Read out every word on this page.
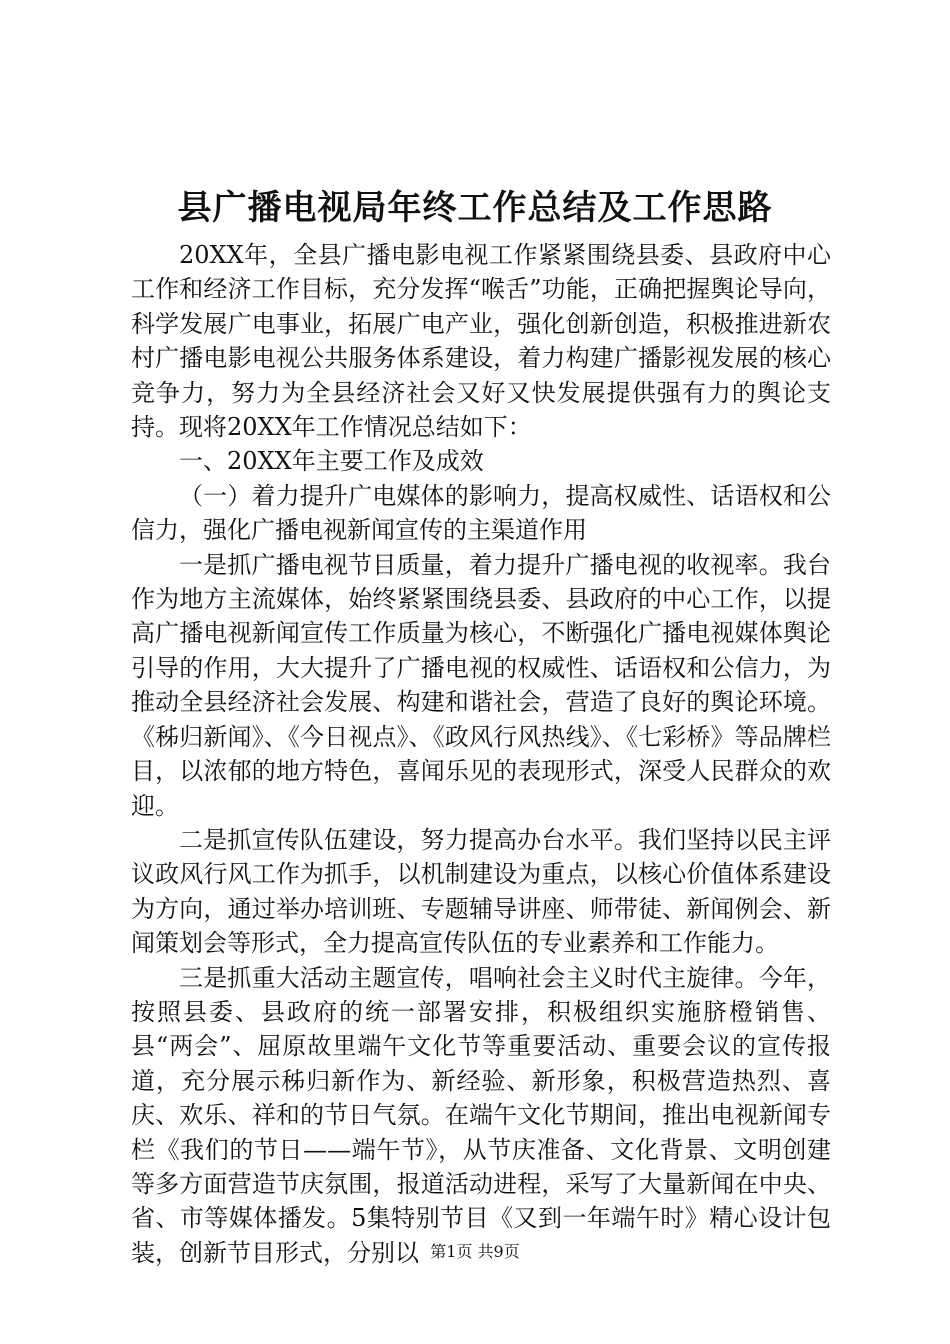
县广播电视局年终工作总结及工作思路

20XX年，全县广播电影电视工作紧紧围绕县委、县政府中心工作和经济工作目标，充分发挥“喉舌”功能，正确把握舆论导向，科学发展广电事业，拓展广电产业，强化创新创造，积极推进新农村广播电影电视公共服务体系建设，着力构建广播影视发展的核心竞争力，努力为全县经济社会又好又快发展提供强有力的舆论支持。现将20XX年工作情况总结如下：

一、20XX年主要工作及成效

（一）着力提升广电媒体的影响力，提高权威性、话语权和公信力，强化广播电视新闻宣传的主渠道作用

一是抓广播电视节目质量，着力提升广播电视的收视率。我台作为地方主流媒体，始终紧紧围绕县委、县政府的中心工作，以提高广播电视新闻宣传工作质量为核心，不断强化广播电视媒体舆论引导的作用，大大提升了广播电视的权威性、话语权和公信力，为推动全县经济社会发展、构建和谐社会，营造了良好的舆论环境。《秭归新闻》、《今日视点》、《政风行风热线》、《七彩桥》等品牌栏目，以浓郁的地方特色，喜闻乐见的表现形式，深受人民群众的欢迎。

二是抓宣传队伍建设，努力提高办台水平。我们坚持以民主评议政风行风工作为抓手，以机制建设为重点，以核心价值体系建设为方向，通过举办培训班、专题辅导讲座、师带徒、新闻例会、新闻策划会等形式，全力提高宣传队伍的专业素养和工作能力。

三是抓重大活动主题宣传，唱响社会主义时代主旋律。今年，按照县委、县政府的统一部署安排，积极组织实施脐橙销售、县“两会”、屈原故里端午文化节等重要活动、重要会议的宣传报道，充分展示秭归新作为、新经验、新形象，积极营造热烈、喜庆、欢乐、祥和的节日气氛。在端午文化节期间，推出电视新闻专栏《我们的节日——端午节》，从节庆准备、文化背景、文明创建等多方面营造节庆氛围，报道活动进程，采写了大量新闻在中央、省、市等媒体播发。5集特别节目《又到一年端午时》精心设计包装，创新节目形式，分别以 第1页 共9页
